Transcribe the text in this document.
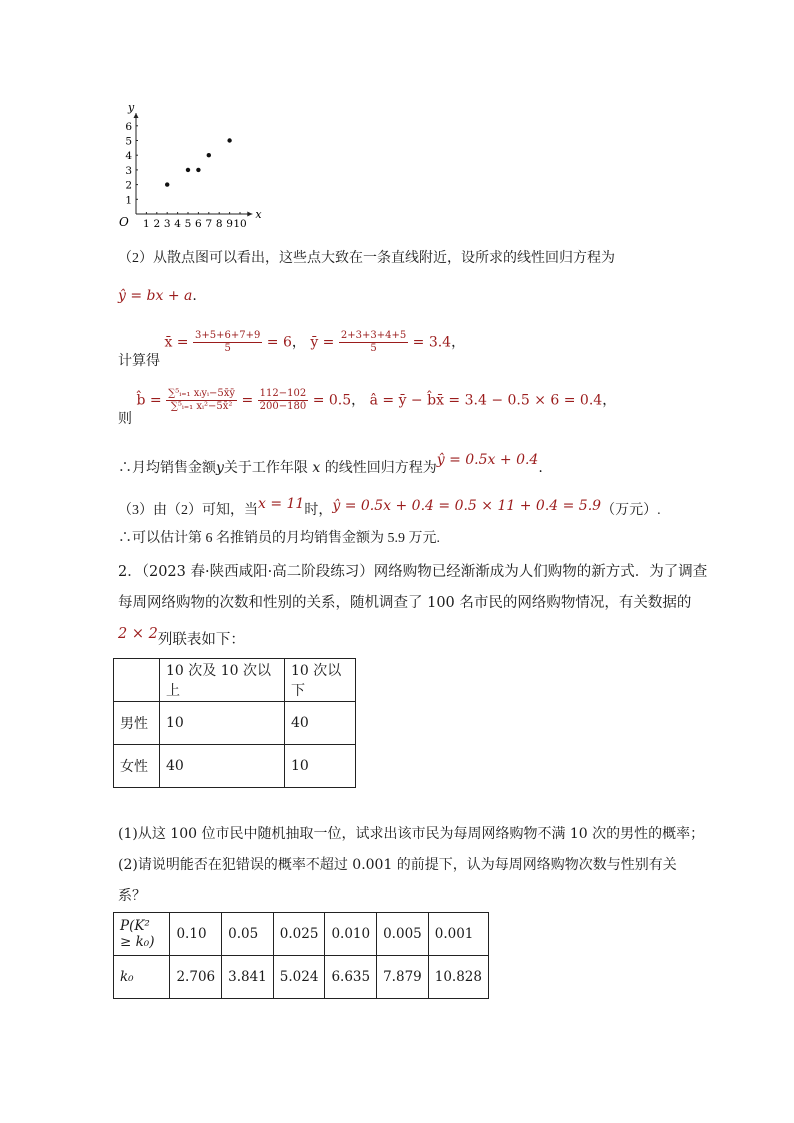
x
y
O 1 2 3 4 5 6 7 8 9 10
1
2
3
4
5
6
（2）从散点图可以看出，这些点大致在一条直线附近，设所求的线性回归方程为
ŷ = bx + a.
计算得 x̄ = $\frac{3+5+6+7+9}{5} = 6$， ȳ = $\frac{2+3+3+4+5}{5} = 3.4$，
则 b̂ = $\frac{\text{∑⁵ᵢ₌₁ xᵢyᵢ−5x̄ȳ}}{\text{∑⁵ᵢ₌₁ xᵢ²−5x̄²}} = \frac{112-102}{200-180} = 0.5$， â = ȳ − b̂x̄ = 3.4 − 0.5 × 6 = 0.4，
∴月均销售金额y关于工作年限 x 的线性回归方程为ŷ = 0.5x + 0.4.
（3）由（2）可知，当x = 11时，ŷ = 0.5x + 0.4 = 0.5 × 11 + 0.4 = 5.9（万元）.
∴可以估计第 6 名推销员的月均销售金额为 5.9 万元.
2．（2023 春·陕西咸阳·高二阶段练习）网络购物已经渐渐成为人们购物的新方式．为了调查
每周网络购物的次数和性别的关系，随机调查了 100 名市民的网络购物情况，有关数据的
2 × 2列联表如下：
	10 次及 10 次以上	10 次以下
男性	10	40
女性	40	10
(1)从这 100 位市民中随机抽取一位，试求出该市民为每周网络购物不满 10 次的男性的概率；
(2)请说明能否在犯错误的概率不超过 0.001 的前提下，认为每周网络购物次数与性别有关
系？
P(K² ≥ k₀)	0.10	0.05	0.025	0.010	0.005	0.001
k₀	2.706	3.841	5.024	6.635	7.879	10.828
